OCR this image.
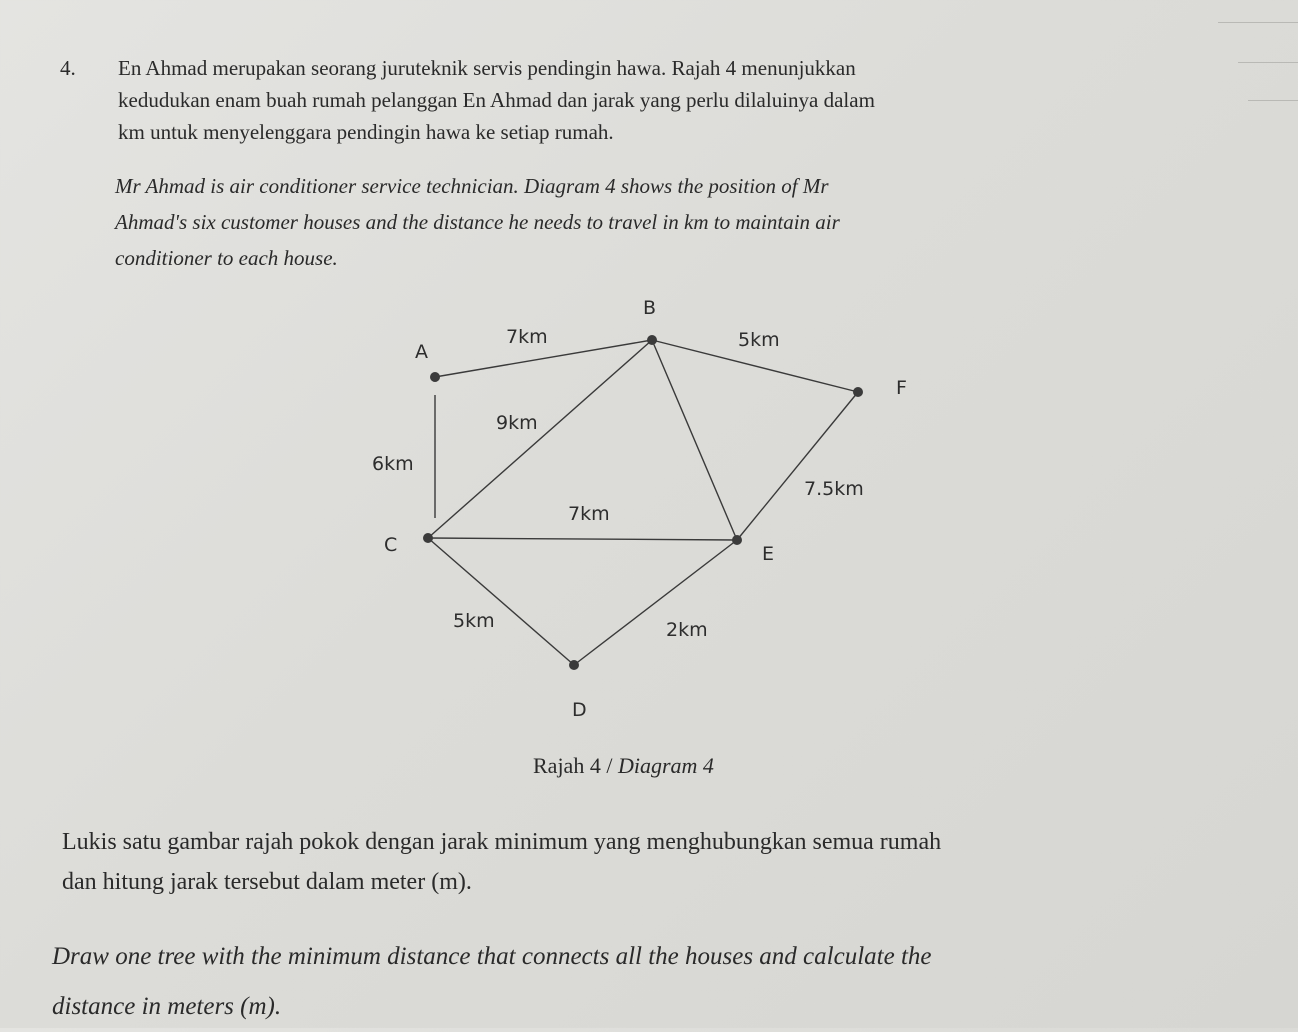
4. En Ahmad merupakan seorang juruteknik servis pendingin hawa. Rajah 4 menunjukkan
kedudukan enam buah rumah pelanggan En Ahmad dan jarak yang perlu dilaluinya dalam
km untuk menyelenggara pendingin hawa ke setiap rumah.
Mr Ahmad is air conditioner service technician. Diagram 4 shows the position of Mr
Ahmad's six customer houses and the distance he needs to travel in km to maintain air
conditioner to each house.
A
B
C
D
E
F
7km	5km
9km
6km
7.5km
7km
5km	2km
Rajah 4 / Diagram 4
Lukis satu gambar rajah pokok dengan jarak minimum yang menghubungkan semua rumah
dan hitung jarak tersebut dalam meter (m).
Draw one tree with the minimum distance that connects all the houses and calculate the
distance in meters (m).
